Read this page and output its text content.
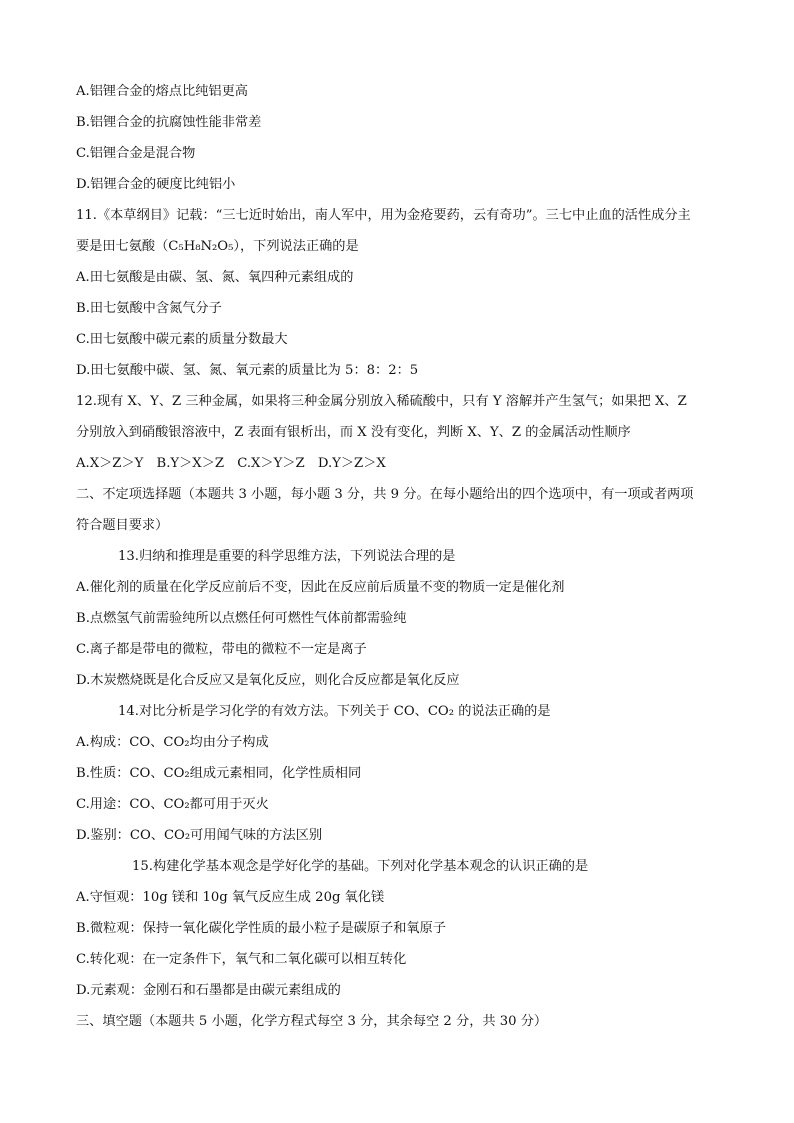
A.铝锂合金的熔点比纯铝更高
B.铝锂合金的抗腐蚀性能非常差
C.铝锂合金是混合物
D.铝锂合金的硬度比纯铝小
11.《本草纲目》记载：“三七近时始出，南人军中，用为金疮要药，云有奇功”。三七中止血的活性成分主
要是田七氨酸（C₅H₈N₂O₅），下列说法正确的是
A.田七氨酸是由碳、氢、氮、氧四种元素组成的
B.田七氨酸中含氮气分子
C.田七氨酸中碳元素的质量分数最大
D.田七氨酸中碳、氢、氮、氧元素的质量比为 5：8：2：5
12.现有 X、Y、Z 三种金属，如果将三种金属分别放入稀硫酸中，只有 Y 溶解并产生氢气；如果把 X、Z
分别放入到硝酸银溶液中，Z 表面有银析出，而 X 没有变化，判断 X、Y、Z 的金属活动性顺序
A.X＞Z＞Y　B.Y＞X＞Z　C.X＞Y＞Z　D.Y＞Z＞X
二、不定项选择题（本题共 3 小题，每小题 3 分，共 9 分。在每小题给出的四个选项中，有一项或者两项
符合题目要求）
13.归纳和推理是重要的科学思维方法，下列说法合理的是
A.催化剂的质量在化学反应前后不变，因此在反应前后质量不变的物质一定是催化剂
B.点燃氢气前需验纯所以点燃任何可燃性气体前都需验纯
C.离子都是带电的微粒，带电的微粒不一定是离子
D.木炭燃烧既是化合反应又是氧化反应，则化合反应都是氧化反应
14.对比分析是学习化学的有效方法。下列关于 CO、CO₂ 的说法正确的是
A.构成：CO、CO₂均由分子构成
B.性质：CO、CO₂组成元素相同，化学性质相同
C.用途：CO、CO₂都可用于灭火
D.鉴别：CO、CO₂可用闻气味的方法区别
15.构建化学基本观念是学好化学的基础。下列对化学基本观念的认识正确的是
A.守恒观：10g 镁和 10g 氧气反应生成 20g 氧化镁
B.微粒观：保持一氧化碳化学性质的最小粒子是碳原子和氧原子
C.转化观：在一定条件下，氧气和二氧化碳可以相互转化
D.元素观：金刚石和石墨都是由碳元素组成的
三、填空题（本题共 5 小题，化学方程式每空 3 分，其余每空 2 分，共 30 分）
